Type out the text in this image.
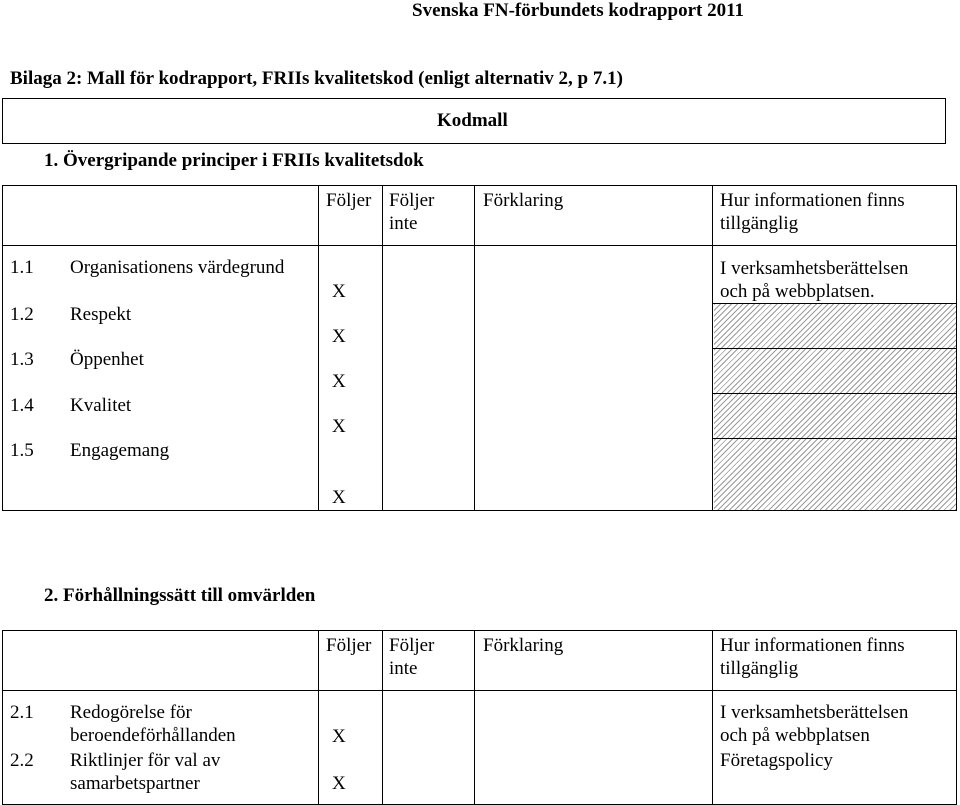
Svenska FN-förbundets kodrapport 2011
Bilaga 2: Mall för kodrapport, FRIIs kvalitetskod (enligt alternativ 2, p 7.1)
Kodmall
1. Övergripande principer i FRIIs kvalitetsdok
Följer Följer
inte
Förklaring	Hur informationen finns
tillgänglig
1.1 Organisationens värdegrund
1.2 Respekt
1.3 Öppenhet
1.4 Kvalitet
1.5 Engagemang
X
X
X
X
X
I verksamhetsberättelsen
och på webbplatsen.
2. Förhållningssätt till omvärlden
Följer Följer
inte
Förklaring	Hur informationen finns
tillgänglig
2.1 Redogörelse för
beroendeförhållanden
2.2 Riktlinjer för val av
samarbetspartner
X
X
I verksamhetsberättelsen
och på webbplatsen
Företagspolicy
